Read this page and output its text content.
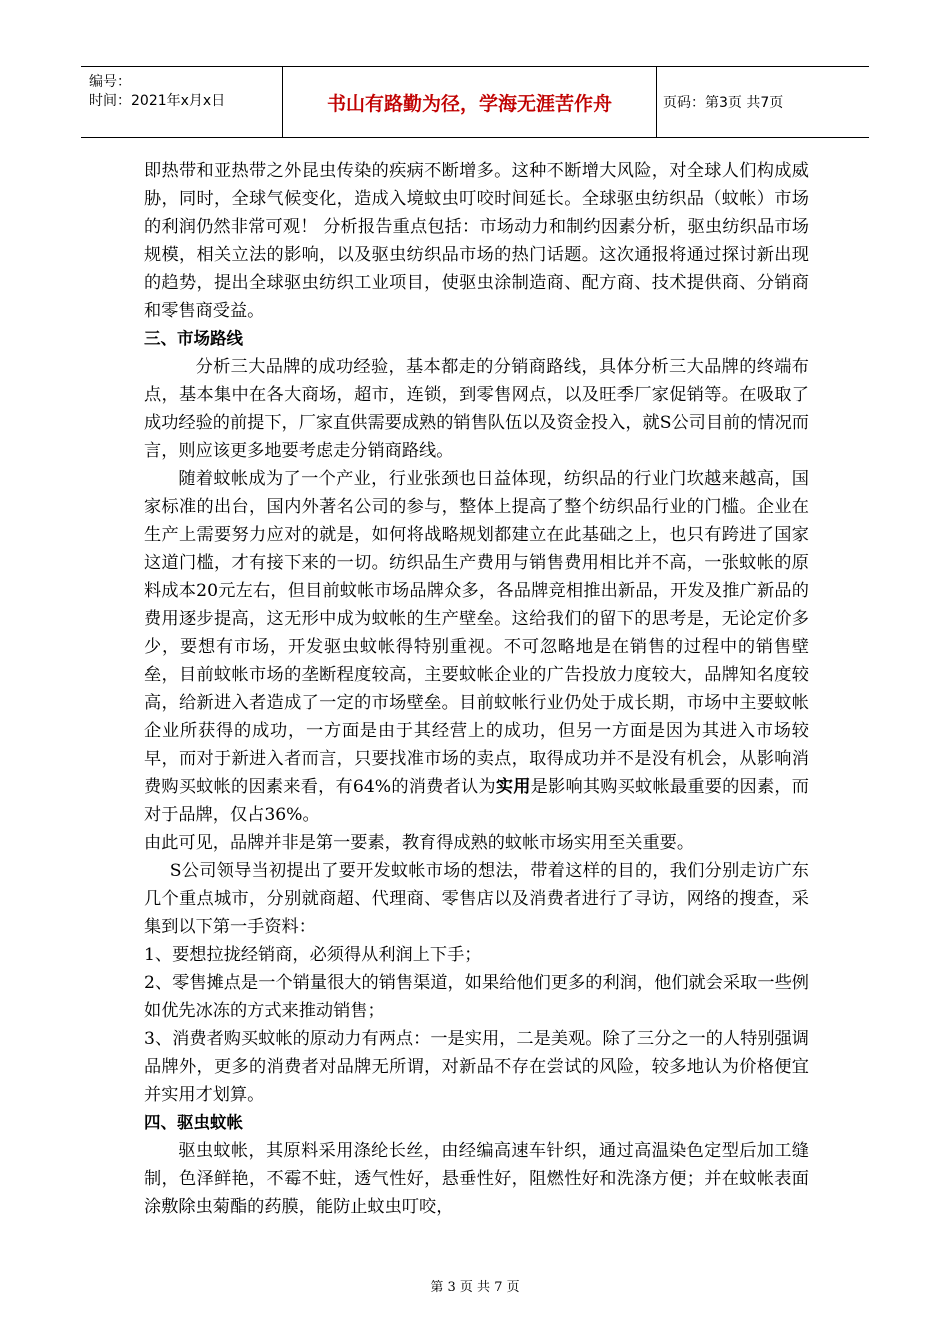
编号：
时间：2021年x月x日	书山有路勤为径，学海无涯苦作舟	页码：第3页 共7页

即热带和亚热带之外昆虫传染的疾病不断增多。这种不断增大风险，对全球人们构成威胁，同时，全球气候变化，造成入境蚊虫叮咬时间延长。全球驱虫纺织品（蚊帐）市场的利润仍然非常可观！ 分析报告重点包括：市场动力和制约因素分析，驱虫纺织品市场规模，相关立法的影响，以及驱虫纺织品市场的热门话题。这次通报将通过探讨新出现的趋势，提出全球驱虫纺织工业项目，使驱虫涂制造商、配方商、技术提供商、分销商和零售商受益。

三、市场路线

分析三大品牌的成功经验，基本都走的分销商路线，具体分析三大品牌的终端布点，基本集中在各大商场，超市，连锁，到零售网点，以及旺季厂家促销等。在吸取了成功经验的前提下，厂家直供需要成熟的销售队伍以及资金投入，就S公司目前的情况而言，则应该更多地要考虑走分销商路线。

随着蚊帐成为了一个产业，行业张颈也日益体现，纺织品的行业门坎越来越高，国家标准的出台，国内外著名公司的参与，整体上提高了整个纺织品行业的门槛。企业在生产上需要努力应对的就是，如何将战略规划都建立在此基础之上，也只有跨进了国家这道门槛，才有接下来的一切。纺织品生产费用与销售费用相比并不高，一张蚊帐的原料成本20元左右，但目前蚊帐市场品牌众多，各品牌竞相推出新品，开发及推广新品的费用逐步提高，这无形中成为蚊帐的生产壁垒。这给我们的留下的思考是，无论定价多少，要想有市场，开发驱虫蚊帐得特别重视。不可忽略地是在销售的过程中的销售壁垒，目前蚊帐市场的垄断程度较高，主要蚊帐企业的广告投放力度较大，品牌知名度较高，给新进入者造成了一定的市场壁垒。目前蚊帐行业仍处于成长期，市场中主要蚊帐企业所获得的成功，一方面是由于其经营上的成功，但另一方面是因为其进入市场较早，而对于新进入者而言，只要找准市场的卖点，取得成功并不是没有机会，从影响消费购买蚊帐的因素来看，有64%的消费者认为实用是影响其购买蚊帐最重要的因素，而对于品牌，仅占36%。

由此可见，品牌并非是第一要素，教育得成熟的蚊帐市场实用至关重要。

S公司领导当初提出了要开发蚊帐市场的想法，带着这样的目的，我们分别走访广东几个重点城市，分别就商超、代理商、零售店以及消费者进行了寻访，网络的搜查，采集到以下第一手资料：

1、要想拉拢经销商，必须得从利润上下手；

2、零售摊点是一个销量很大的销售渠道，如果给他们更多的利润，他们就会采取一些例如优先冰冻的方式来推动销售；

3、消费者购买蚊帐的原动力有两点：一是实用，二是美观。除了三分之一的人特别强调品牌外，更多的消费者对品牌无所谓，对新品不存在尝试的风险，较多地认为价格便宜并实用才划算。

四、驱虫蚊帐

驱虫蚊帐，其原料采用涤纶长丝，由经编高速车针织，通过高温染色定型后加工缝制，色泽鲜艳，不霉不蛀，透气性好，悬垂性好，阻燃性好和洗涤方便；并在蚊帐表面涂敷除虫菊酯的药膜，能防止蚊虫叮咬，

第 3 页 共 7 页
